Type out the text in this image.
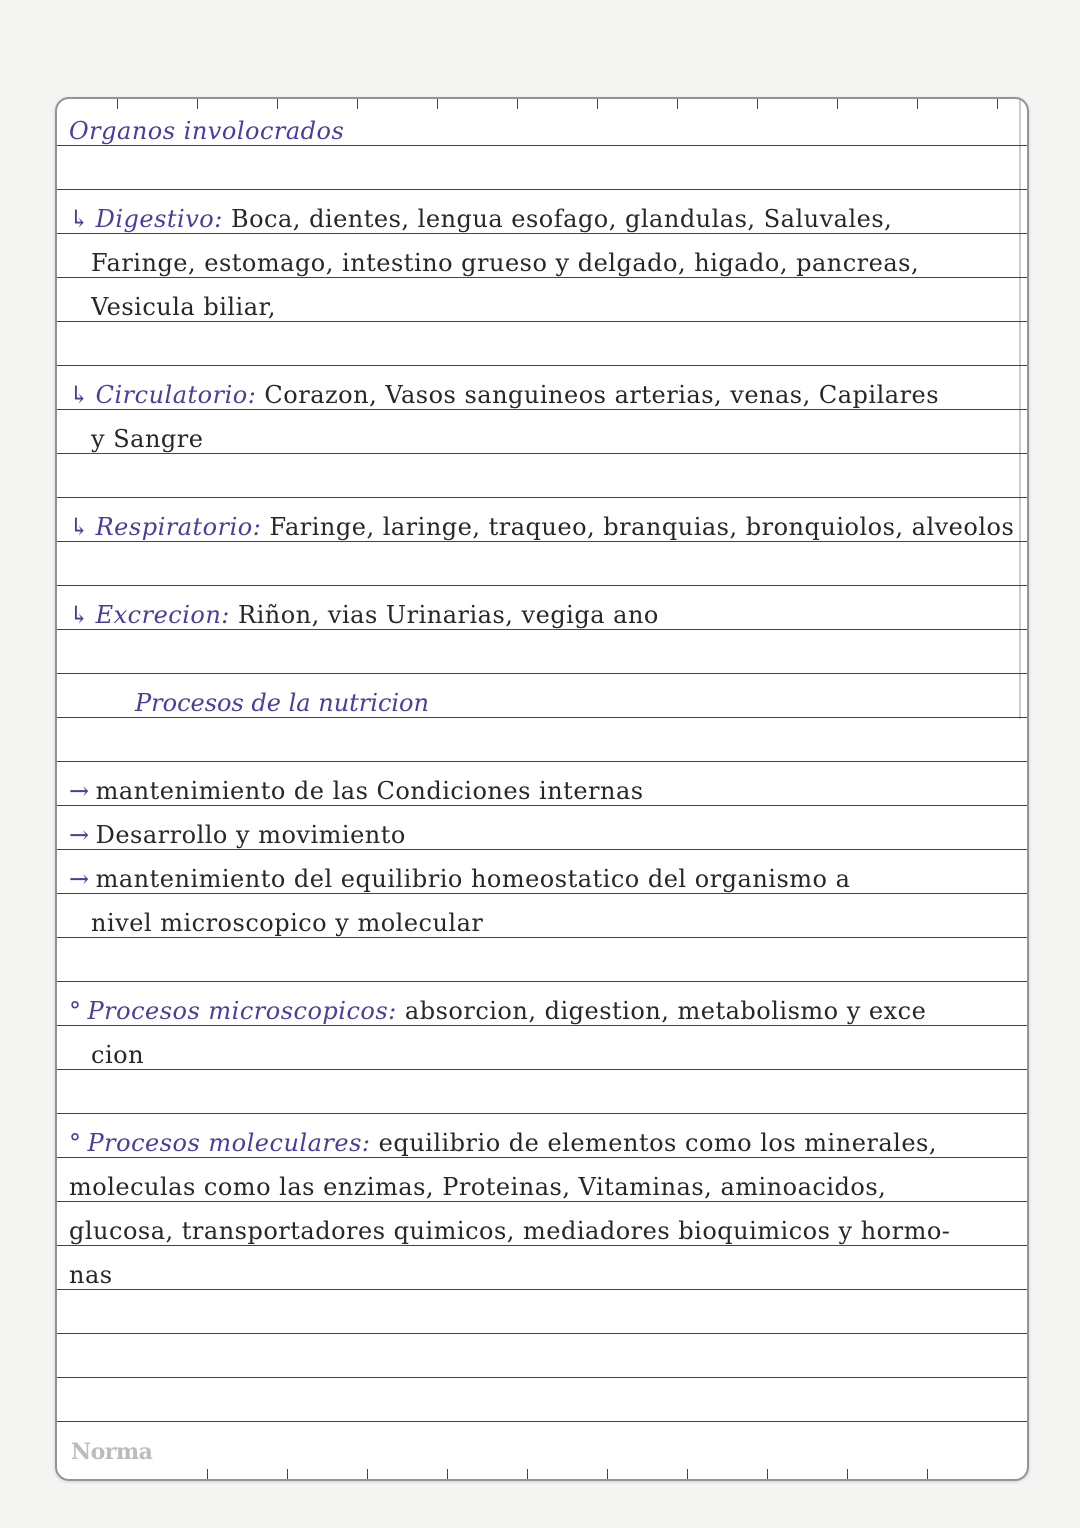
Organos involocrados
↳ Digestivo: Boca, dientes, lengua esofago, glandulas, Saluvales,
Faringe, estomago, intestino grueso y delgado, higado, pancreas,
Vesicula biliar,
↳ Circulatorio: Corazon, Vasos sanguineos arterias, venas, Capilares
y Sangre
↳ Respiratorio: Faringe, laringe, traqueo, branquias, bronquiolos, alveolos
↳ Excrecion: Riñon, vias Urinarias, vegiga ano
Procesos de la nutricion
→ mantenimiento de las Condiciones internas
→ Desarrollo y movimiento
→ mantenimiento del equilibrio homeostatico del organismo a
nivel microscopico y molecular
° Procesos microscopicos: absorcion, digestion, metabolismo y exce
cion
° Procesos moleculares: equilibrio de elementos como los minerales,
moleculas como las enzimas, Proteinas, Vitaminas, aminoacidos,
glucosa, transportadores quimicos, mediadores bioquimicos y hormo-
nas
Norma
